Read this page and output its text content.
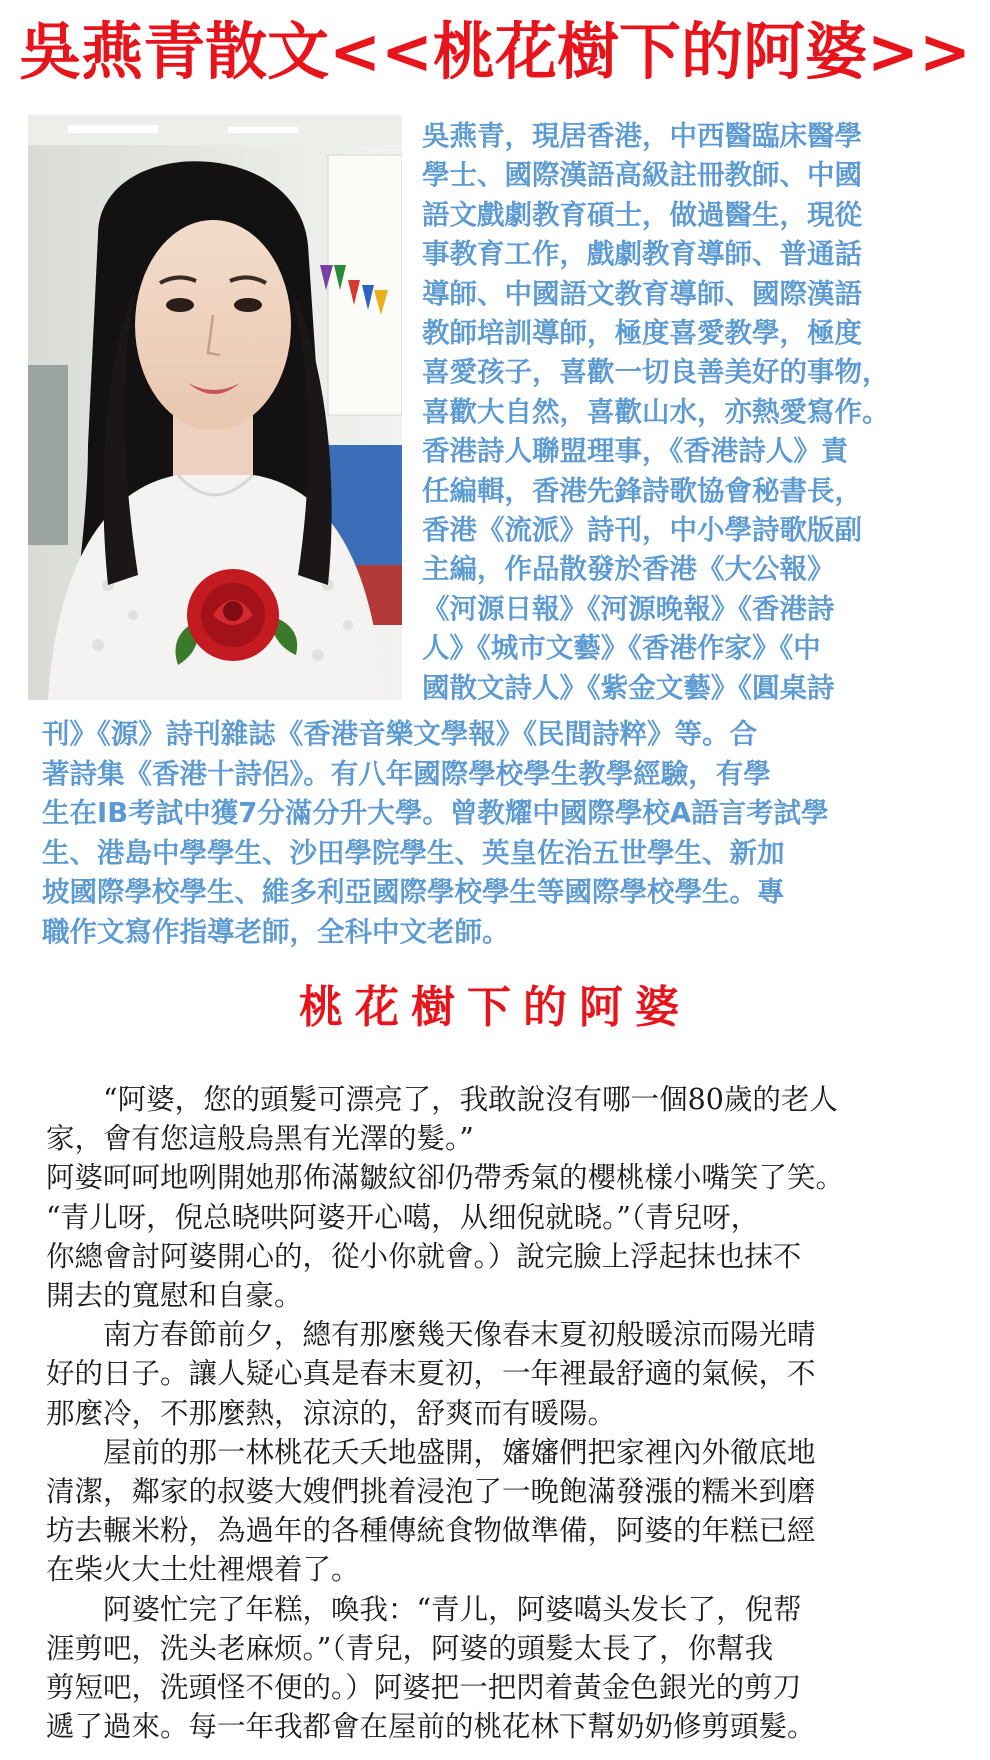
吳燕青散文<<桃花樹下的阿婆>>
吳燕青，現居香港，中西醫臨床醫學
學士、國際漢語高級註冊教師、中國
語文戲劇教育碩士，做過醫生，現從
事教育工作，戲劇教育導師、普通話
導師、中國語文教育導師、國際漢語
教師培訓導師，極度喜愛教學，極度
喜愛孩子，喜歡一切良善美好的事物，
喜歡大自然，喜歡山水，亦熱愛寫作。
香港詩人聯盟理事，《香港詩人》責
任編輯，香港先鋒詩歌協會秘書長，
香港《流派》詩刊，中小學詩歌版副
主編，作品散發於香港《大公報》
《河源日報》《河源晚報》《香港詩
人》《城市文藝》《香港作家》《中
國散文詩人》《紫金文藝》《圓桌詩
刊》《源》詩刊雜誌《香港音樂文學報》《民間詩粹》等。合
著詩集《香港十詩侶》。有八年國際學校學生教學經驗，有學
生在IB考試中獲7分滿分升大學。曾教耀中國際學校A語言考試學
生、港島中學學生、沙田學院學生、英皇佐治五世學生、新加
坡國際學校學生、維多利亞國際學校學生等國際學校學生。專
職作文寫作指導老師，全科中文老師。
桃花樹下的阿婆
　　“阿婆，您的頭髮可漂亮了，我敢說沒有哪一個80歲的老人
家，會有您這般烏黑有光澤的髮。”
阿婆呵呵地咧開她那佈滿皺紋卻仍帶秀氣的櫻桃樣小嘴笑了笑。
“青儿呀，倪总晓哄阿婆开心噶，从细倪就晓。”（青兒呀，
你總會討阿婆開心的，從小你就會。）說完臉上浮起抹也抹不
開去的寬慰和自豪。
　　南方春節前夕，總有那麼幾天像春末夏初般暖涼而陽光晴
好的日子。讓人疑心真是春末夏初，一年裡最舒適的氣候，不
那麼冷，不那麼熱，涼涼的，舒爽而有暖陽。
　　屋前的那一林桃花夭夭地盛開，嬸嬸們把家裡內外徹底地
清潔，鄰家的叔婆大嫂們挑着浸泡了一晚飽滿發漲的糯米到磨
坊去輾米粉，為過年的各種傳統食物做準備，阿婆的年糕已經
在柴火大土灶裡煨着了。
　　阿婆忙完了年糕，喚我：“青儿，阿婆噶头发长了，倪帮
涯剪吧，洗头老麻烦。”（青兒，阿婆的頭髮太長了，你幫我
剪短吧，洗頭怪不便的。）阿婆把一把閃着黃金色銀光的剪刀
遞了過來。每一年我都會在屋前的桃花林下幫奶奶修剪頭髮。
